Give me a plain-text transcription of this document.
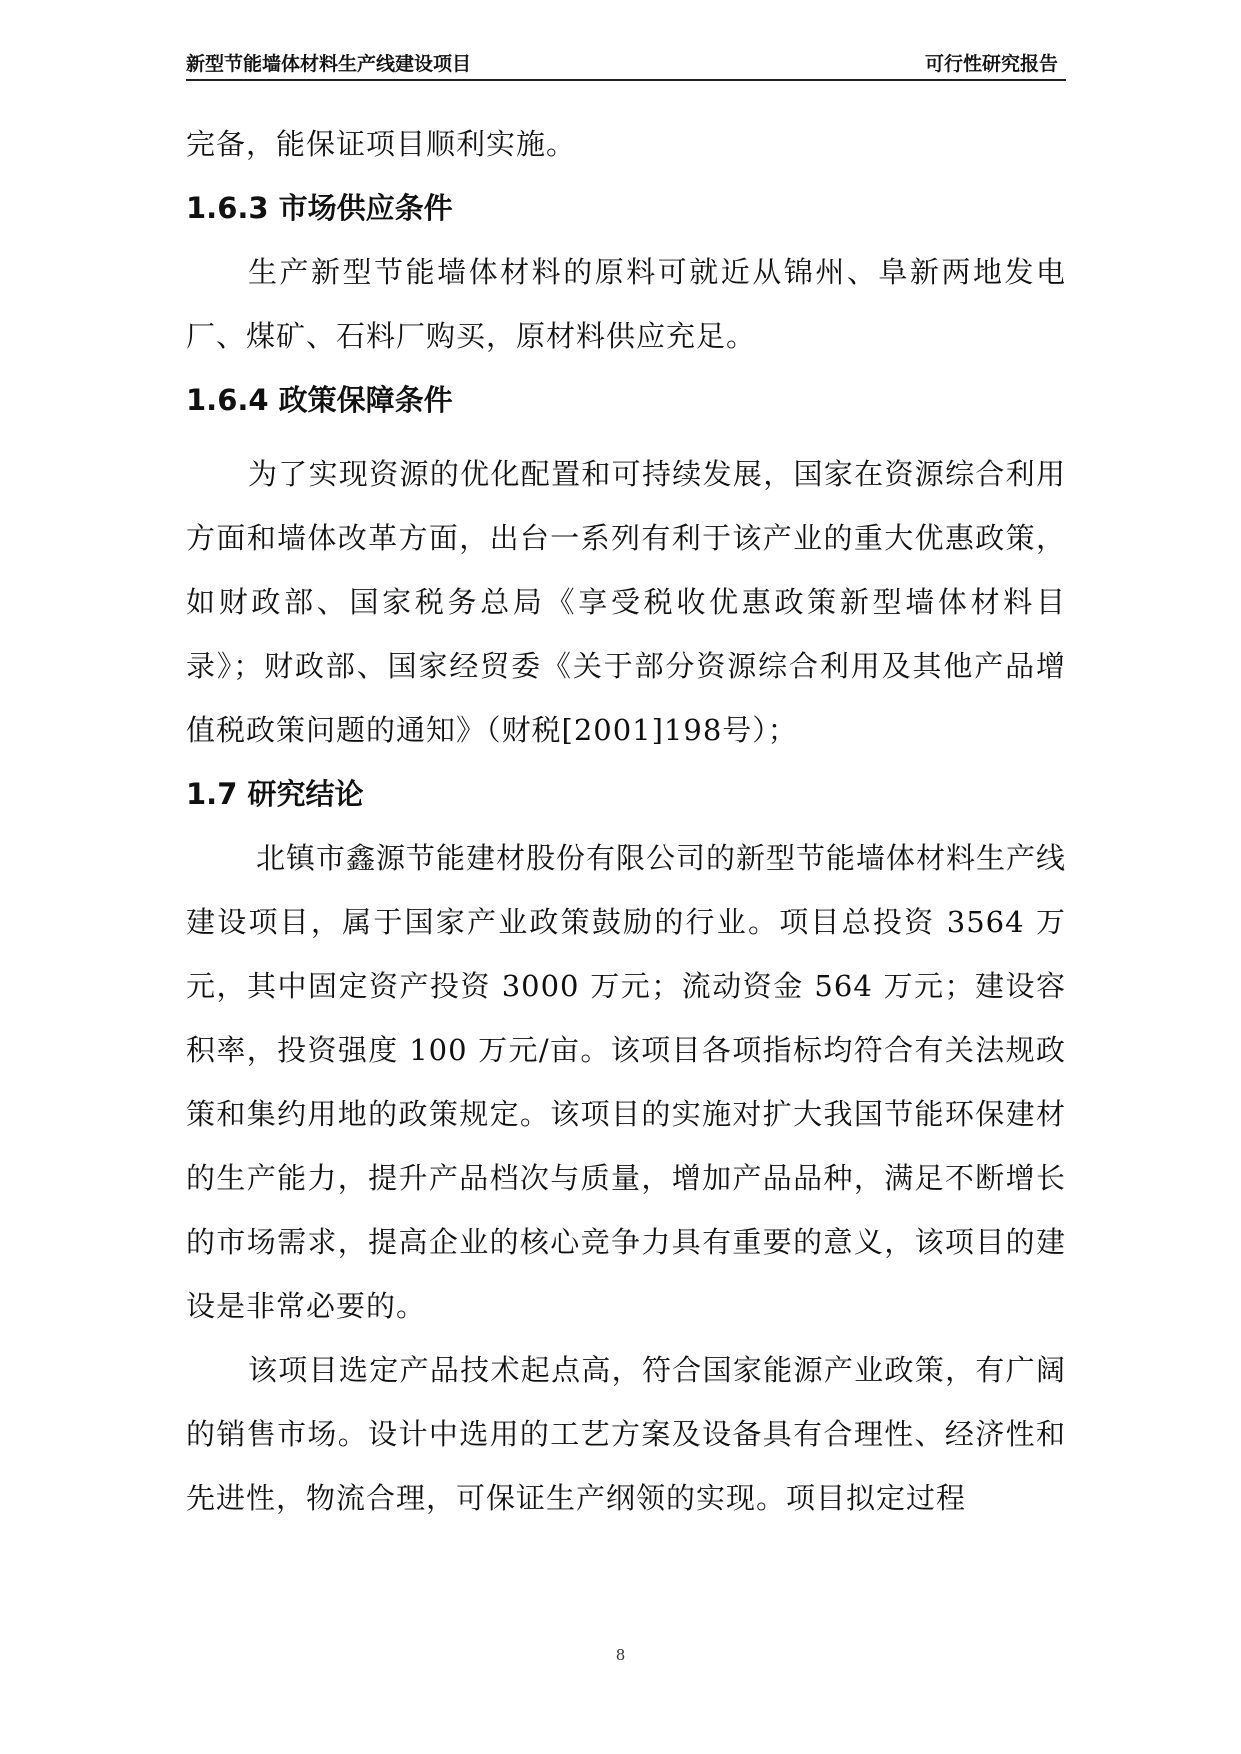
新型节能墙体材料生产线建设项目	可行性研究报告

完备，能保证项目顺利实施。

1.6.3 市场供应条件

生产新型节能墙体材料的原料可就近从锦州、阜新两地发电厂、煤矿、石料厂购买，原材料供应充足。

1.6.4 政策保障条件

为了实现资源的优化配置和可持续发展，国家在资源综合利用方面和墙体改革方面，出台一系列有利于该产业的重大优惠政策，如财政部、国家税务总局《享受税收优惠政策新型墙体材料目录》；财政部、国家经贸委《关于部分资源综合利用及其他产品增值税政策问题的通知》（财税[2001]198号）；

1.7 研究结论

北镇市鑫源节能建材股份有限公司的新型节能墙体材料生产线建设项目，属于国家产业政策鼓励的行业。项目总投资 3564 万元，其中固定资产投资 3000 万元；流动资金 564 万元；建设容积率，投资强度 100 万元/亩。该项目各项指标均符合有关法规政策和集约用地的政策规定。该项目的实施对扩大我国节能环保建材的生产能力，提升产品档次与质量，增加产品品种，满足不断增长的市场需求，提高企业的核心竞争力具有重要的意义，该项目的建设是非常必要的。

该项目选定产品技术起点高，符合国家能源产业政策，有广阔的销售市场。设计中选用的工艺方案及设备具有合理性、经济性和先进性，物流合理，可保证生产纲领的实现。项目拟定过程

8
